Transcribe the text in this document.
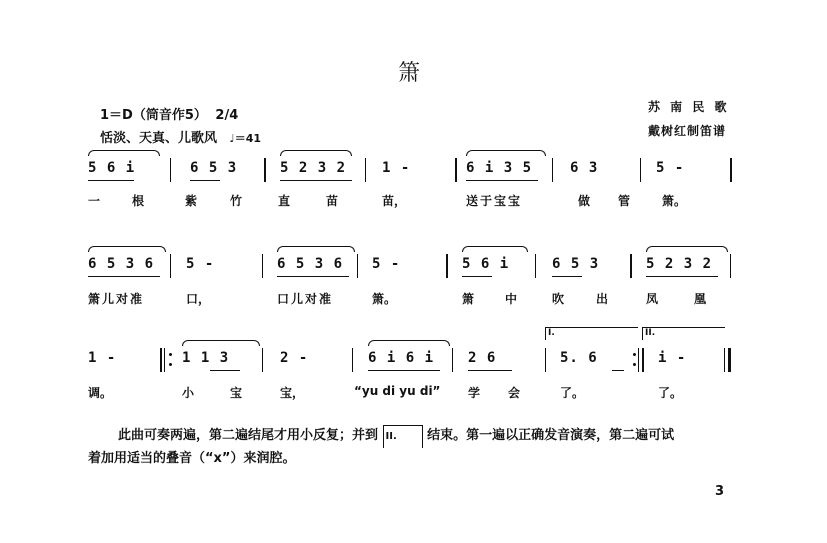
箫
1＝D（筒音作5） 2/4
恬淡、天真、儿歌风 ♩＝41
苏 南 民 歌
戴树红制笛谱
5 6 i	6 5 3	5 2 3 2	1 -	6 i 3 5	6 3	5 -
一	根	紫	竹	直	苗	苗，	送于宝宝	做 管	箫。
6 5 3 6 5 -	6 5 3 6 5 -	5 6 i	6 5 3	5 2 3 2
箫儿对准	口，	口儿对准	箫。	箫	中	吹	出	凤	凰
1 -	1 1 3	2 -	6 i 6 i 2 6	5. 6	i -
I.	II.
调。	小	宝	宝，	“yu di yu di” 学 会	了。	了。
此曲可奏两遍，第二遍结尾才用小反复；并到 II. 结束。第一遍以正确发音演奏，第二遍可试
着加用适当的叠音（“x”）来润腔。
3
